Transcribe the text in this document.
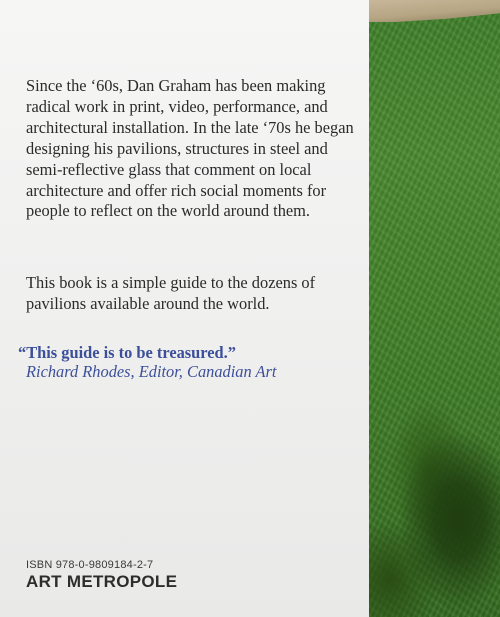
Since the ‘60s, Dan Graham has been making radical work in print, video, performance, and architectural installation. In the late ‘70s he began designing his pavilions, structures in steel and semi-reflective glass that comment on local architecture and offer rich social moments for people to reflect on the world around them.

This book is a simple guide to the dozens of pavilions available around the world.

“This guide is to be treasured.”

Richard Rhodes, Editor, Canadian Art

ISBN 978-0-9809184-2-7

ART METROPOLE
